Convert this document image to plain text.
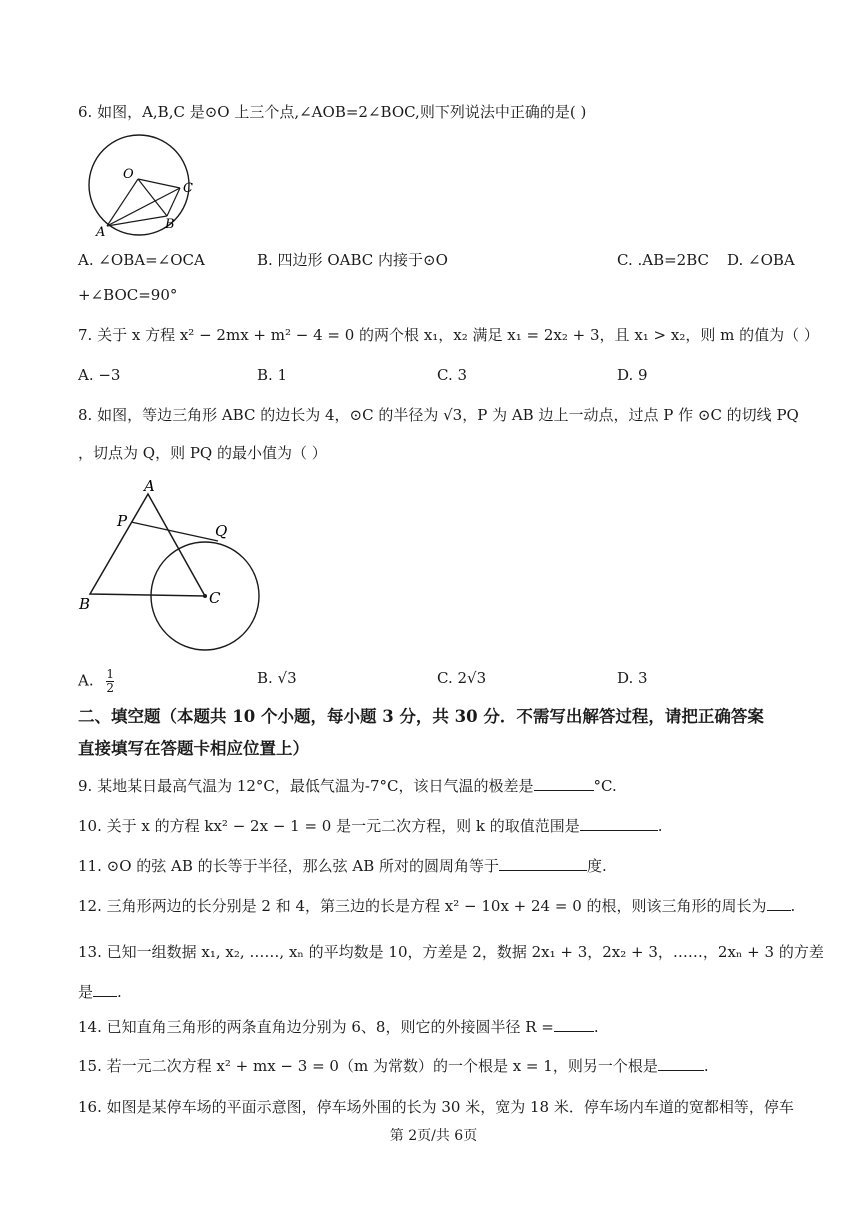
6. 如图，A,B,C 是⊙O 上三个点,∠AOB=2∠BOC,则下列说法中正确的是( )
O
C
A
B
A. ∠OBA=∠OCA	B. 四边形 OABC 内接于⊙O	C. .AB=2BC D. ∠OBA
+∠BOC=90°
7. 关于 x 方程 x² − 2mx + m² − 4 = 0 的两个根 x₁，x₂ 满足 x₁ = 2x₂ + 3，且 x₁ > x₂，则 m 的值为（ ）
A. −3	B. 1	C. 3	D. 9
8. 如图，等边三角形 ABC 的边长为 4，⊙C 的半径为 √3，P 为 AB 边上一动点，过点 P 作 ⊙C 的切线 PQ
，切点为 Q，则 PQ 的最小值为（ ）
A
P
Q
B	C
A. $\frac{1}{2}$	B. √3	C. 2√3	D. 3
二、填空题（本题共 10 个小题，每小题 3 分，共 30 分．不需写出解答过程，请把正确答案
直接填写在答题卡相应位置上）
9. 某地某日最高气温为 12°C，最低气温为-7°C，该日气温的极差是	°C.
10. 关于 x 的方程 kx² − 2x − 1 = 0 是一元二次方程，则 k 的取值范围是	.
11. ⊙O 的弦 AB 的长等于半径，那么弦 AB 所对的圆周角等于	度.
12. 三角形两边的长分别是 2 和 4，第三边的长是方程 x² − 10x + 24 = 0 的根，则该三角形的周长为 .
13. 已知一组数据 x₁, x₂, ……, xₙ 的平均数是 10，方差是 2，数据 2x₁ + 3，2x₂ + 3，……，2xₙ + 3 的方差
是 .
14. 已知直角三角形的两条直角边分别为 6、8，则它的外接圆半径 R =	.
15. 若一元二次方程 x² + mx − 3 = 0（m 为常数）的一个根是 x = 1，则另一个根是	.
16. 如图是某停车场的平面示意图，停车场外围的长为 30 米，宽为 18 米．停车场内车道的宽都相等，停车
第 2页/共 6页
